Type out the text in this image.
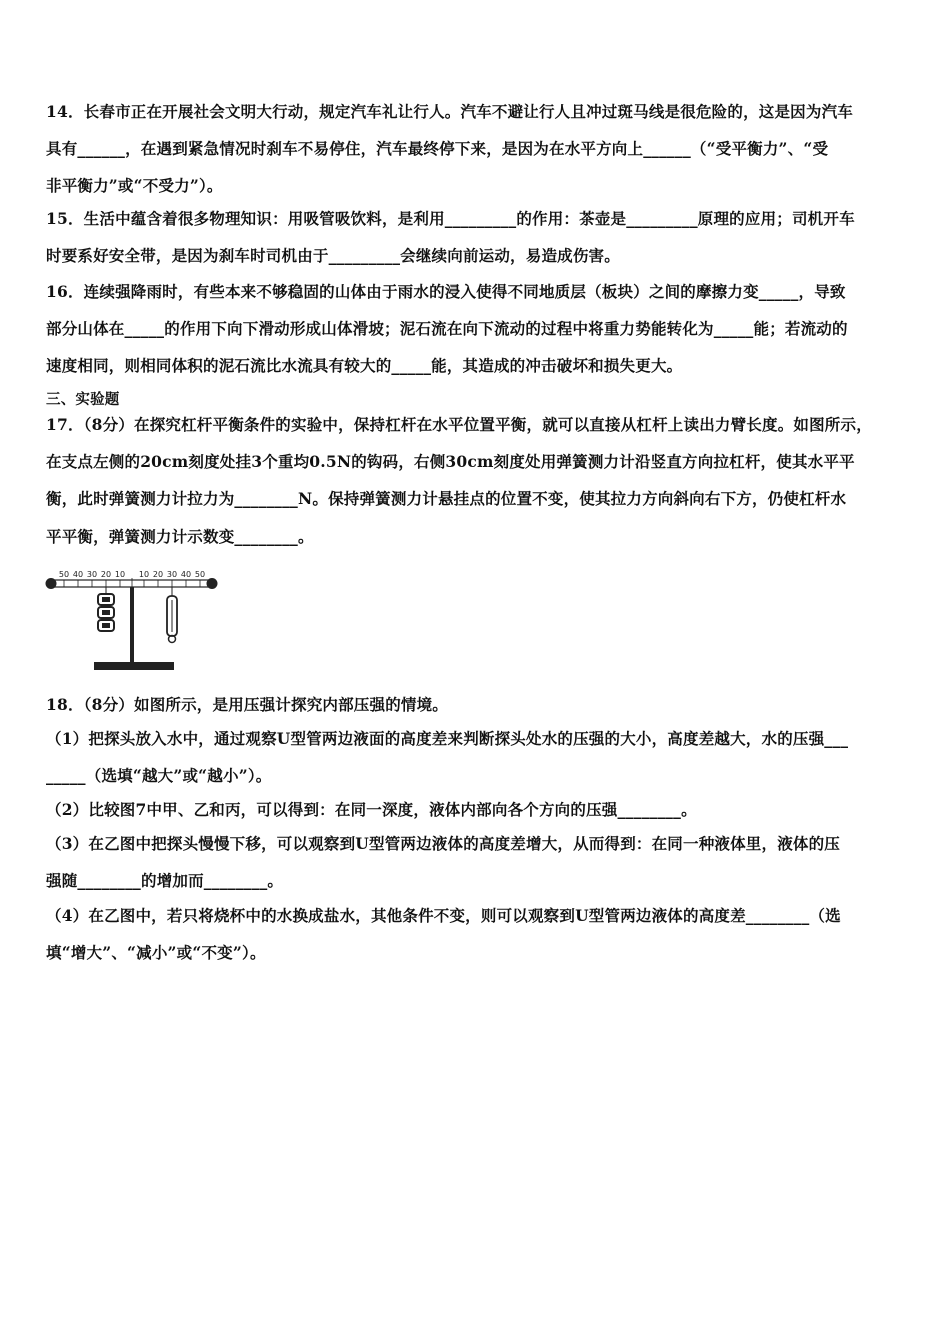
14．长春市正在开展社会文明大行动，规定汽车礼让行人。汽车不避让行人且冲过斑马线是很危险的，这是因为汽车
具有______，在遇到紧急情况时刹车不易停住，汽车最终停下来，是因为在水平方向上______（“受平衡力”、“受
非平衡力”或“不受力”）。
15．生活中蕴含着很多物理知识：用吸管吸饮料，是利用_________的作用：茶壶是_________原理的应用；司机开车
时要系好安全带，是因为刹车时司机由于_________会继续向前运动，易造成伤害。
16．连续强降雨时，有些本来不够稳固的山体由于雨水的浸入使得不同地质层（板块）之间的摩擦力变_____，导致
部分山体在_____的作用下向下滑动形成山体滑坡；泥石流在向下流动的过程中将重力势能转化为_____能；若流动的
速度相同，则相同体积的泥石流比水流具有较大的_____能，其造成的冲击破坏和损失更大。
三、实验题
17．（8分）在探究杠杆平衡条件的实验中，保持杠杆在水平位置平衡，就可以直接从杠杆上读出力臂长度。如图所示，
在支点左侧的20cm刻度处挂3个重均0.5N的钩码，右侧30cm刻度处用弹簧测力计沿竖直方向拉杠杆，使其水平平
衡，此时弹簧测力计拉力为________N。保持弹簧测力计悬挂点的位置不变，使其拉力方向斜向右下方，仍使杠杆水
平平衡，弹簧测力计示数变________。
50 40 30 20 10 10 20 30 40 50
18．（8分）如图所示，是用压强计探究内部压强的情境。
（1）把探头放入水中，通过观察U型管两边液面的高度差来判断探头处水的压强的大小，高度差越大，水的压强___
_____（选填“越大”或“越小”）。
（2）比较图7中甲、乙和丙，可以得到：在同一深度，液体内部向各个方向的压强________。
（3）在乙图中把探头慢慢下移，可以观察到U型管两边液体的高度差增大，从而得到：在同一种液体里，液体的压
强随________的增加而________。
（4）在乙图中，若只将烧杯中的水换成盐水，其他条件不变，则可以观察到U型管两边液体的高度差________（选
填“增大”、“减小”或“不变”）。
